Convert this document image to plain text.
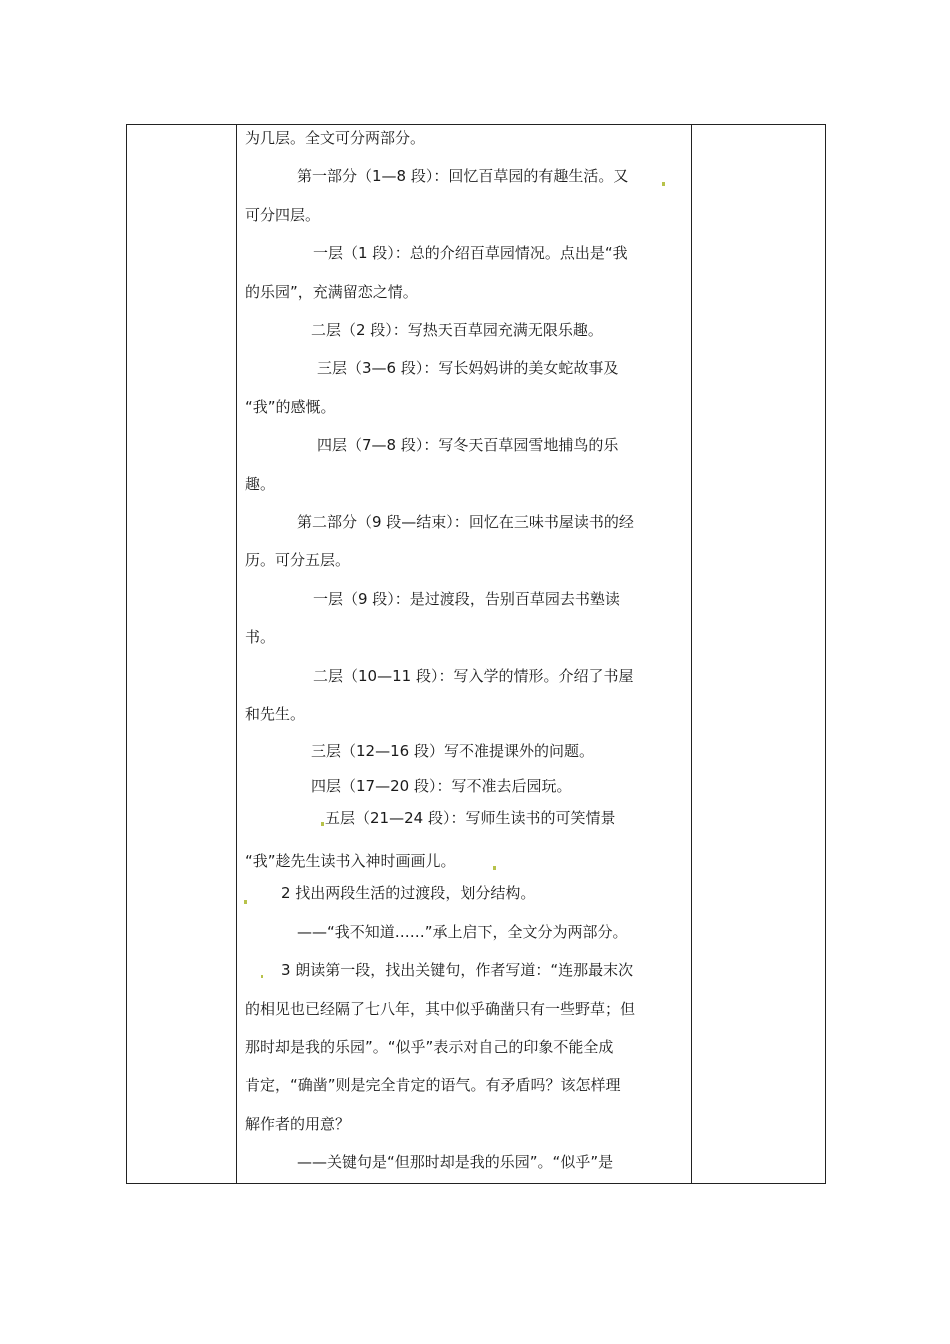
为几层。全文可分两部分。
第一部分（1—8 段）：回忆百草园的有趣生活。又
可分四层。
一层（1 段）：总的介绍百草园情况。点出是“我
的乐园”，充满留恋之情。
二层（2 段）：写热天百草园充满无限乐趣。
三层（3—6 段）：写长妈妈讲的美女蛇故事及
“我”的感慨。
四层（7—8 段）：写冬天百草园雪地捕鸟的乐
趣。
第二部分（9 段—结束）：回忆在三味书屋读书的经
历。可分五层。
一层（9 段）：是过渡段，告别百草园去书塾读
书。
二层（10—11 段）：写入学的情形。介绍了书屋
和先生。
三层（12—16 段）写不准提课外的问题。
四层（17—20 段）：写不准去后园玩。
五层（21—24 段）：写师生读书的可笑情景
“我”趁先生读书入神时画画儿。
2 找出两段生活的过渡段，划分结构。
——“我不知道……”承上启下，全文分为两部分。
3 朗读第一段，找出关键句，作者写道：“连那最末次
的相见也已经隔了七八年，其中似乎确凿只有一些野草；但
那时却是我的乐园”。“似乎”表示对自己的印象不能全成
肯定，“确凿”则是完全肯定的语气。有矛盾吗？该怎样理
解作者的用意？
——关键句是“但那时却是我的乐园”。“似乎”是
